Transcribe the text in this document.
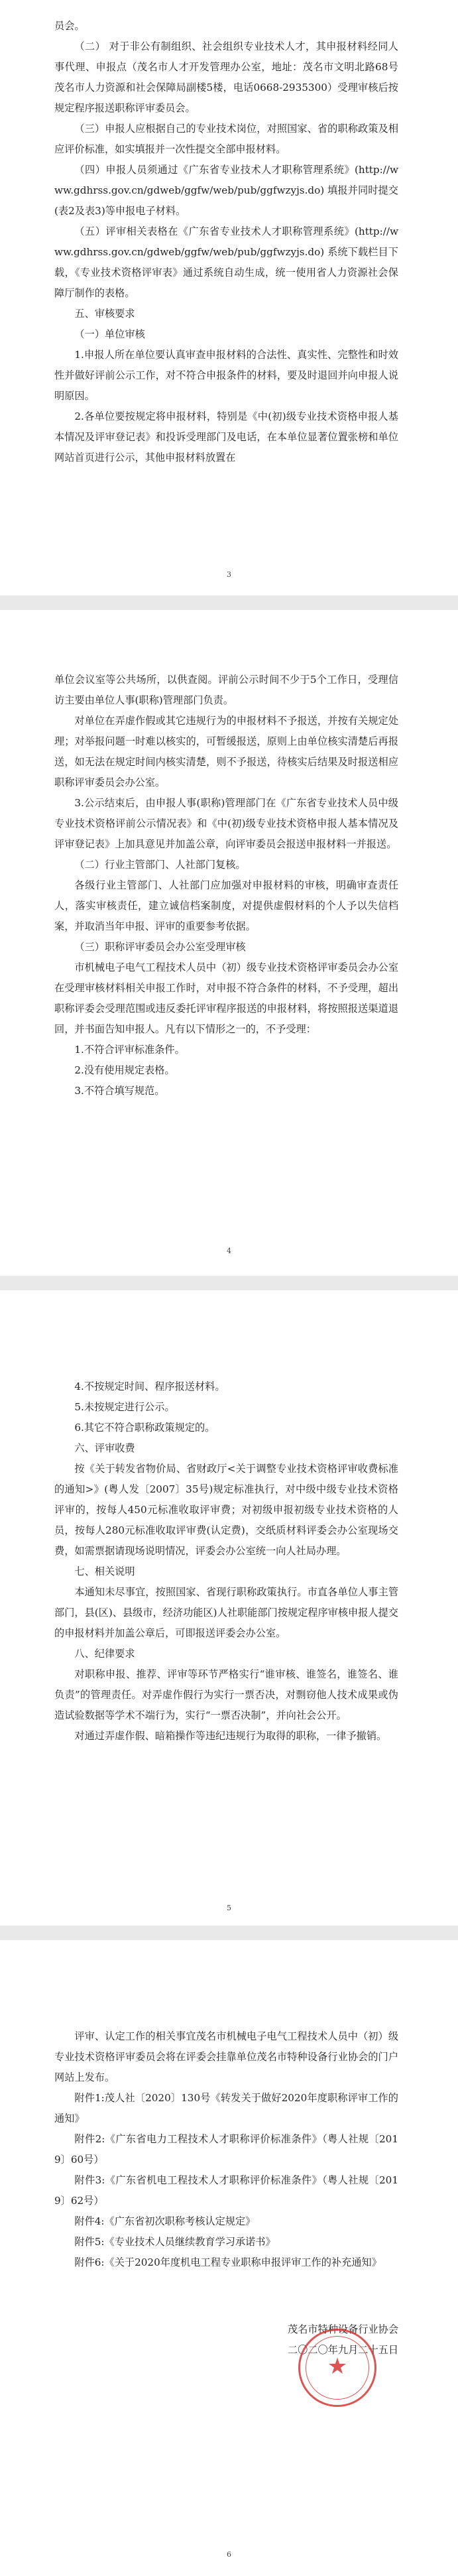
员会。

（二） 对于非公有制组织、社会组织专业技术人才，其申报材料经同人事代理、申报点（茂名市人才开发管理办公室，地址：茂名市文明北路68号茂名市人力资源和社会保障局副楼5楼，电话0668-2935300）受理审核后按规定程序报送职称评审委员会。

（三）申报人应根据自己的专业技术岗位，对照国家、省的职称政策及相应评价标准，如实填报并一次性提交全部申报材料。

（四）申报人员须通过《广东省专业技术人才职称管理系统》(http://www.gdhrss.gov.cn/gdweb/ggfw/web/pub/ggfwzyjs.do) 填报并同时提交(表2及表3)等申报电子材料。

（五）评审相关表格在《广东省专业技术人才职称管理系统》(http://www.gdhrss.gov.cn/gdweb/ggfw/web/pub/ggfwzyjs.do) 系统下载栏目下载，《专业技术资格评审表》通过系统自动生成，统一使用省人力资源社会保障厅制作的表格。

五、审核要求

（一）单位审核

1.申报人所在单位要认真审查申报材料的合法性、真实性、完整性和时效性并做好评前公示工作，对不符合申报条件的材料，要及时退回并向申报人说明原因。

2.各单位要按规定将申报材料，特别是《中(初)级专业技术资格申报人基本情况及评审登记表》和投诉受理部门及电话，在本单位显著位置张榜和单位网站首页进行公示，其他申报材料放置在

3

单位会议室等公共场所，以供查阅。评前公示时间不少于5个工作日，受理信访主要由单位人事(职称)管理部门负责。

对单位在弄虚作假或其它违规行为的申报材料不予报送，并按有关规定处理；对举报问题一时难以核实的，可暂缓报送，原则上由单位核实清楚后再报送，如无法在规定时间内核实清楚，则不予报送，待核实后结果及时报送相应职称评审委员会办公室。

3.公示结束后，由申报人事(职称)管理部门在《广东省专业技术人员中级专业技术资格评前公示情况表》和《中(初)级专业技术资格申报人基本情况及评审登记表》上加具意见并加盖公章，向评审委员会报送申报材料一并报送。

（二）行业主管部门、人社部门复核。

各级行业主管部门、人社部门应加强对申报材料的审核，明确审查责任人，落实审核责任，建立诚信档案制度，对提供虚假材料的个人予以失信档案，并取消当年申报、评审的重要参考依据。

（三）职称评审委员会办公室受理审核

市机械电子电气工程技术人员中（初）级专业技术资格评审委员会办公室在受理审核材料相关申报工作时，对申报不符合条件的材料，不予受理，超出职称评委会受理范围或违反委托评审程序报送的申报材料，将按照报送渠道退回，并书面告知申报人。凡有以下情形之一的，不予受理：

1.不符合评审标准条件。

2.没有使用规定表格。

3.不符合填写规范。

4

4.不按规定时间、程序报送材料。

5.未按规定进行公示。

6.其它不符合职称政策规定的。

六、评审收费

按《关于转发省物价局、省财政厅<关于调整专业技术资格评审收费标准的通知>》(粤人发〔2007〕35号)规定标准执行，对中级中级专业技术资格评审的，按每人450元标准收取评审费；对初级申报初级专业技术资格的人员，按每人280元标准收取评审费(认定费)，交纸质材料评委会办公室现场交费，如需票据请现场说明情况，评委会办公室统一向人社局办理。

七、相关说明

本通知未尽事宜，按照国家、省现行职称政策执行。市直各单位人事主管部门，县(区)、县级市，经济功能区)人社职能部门按规定程序审核申报人提交的申报材料并加盖公章后，可即报送评委会办公室。

八、纪律要求

对职称申报、推荐、评审等环节严格实行“谁审核、谁签名，谁签名、谁负责”的管理责任。对弄虚作假行为实行一票否决，对剽窃他人技术成果或伪造试验数据等学术不端行为，实行“一票否决制”，并向社会公开。

对通过弄虚作假、暗箱操作等违纪违规行为取得的职称，一律予撤销。

5

评审、认定工作的相关事宜茂名市机械电子电气工程技术人员中（初）级专业技术资格评审委员会将在评委会挂靠单位茂名市特种设备行业协会的门户网站上发布。

附件1:茂人社〔2020〕130号《转发关于做好2020年度职称评审工作的通知》

附件2:《广东省电力工程技术人才职称评价标准条件》（粤人社规〔2019〕60号）

附件3:《广东省机电工程技术人才职称评价标准条件》（粤人社规〔2019〕62号）

附件4:《广东省初次职称考核认定规定》

附件5:《专业技术人员继续教育学习承诺书》

附件6:《关于2020年度机电工程专业职称申报评审工作的补充通知》

茂名市特种设备行业协会

二〇二〇年九月二十五日

★
6
